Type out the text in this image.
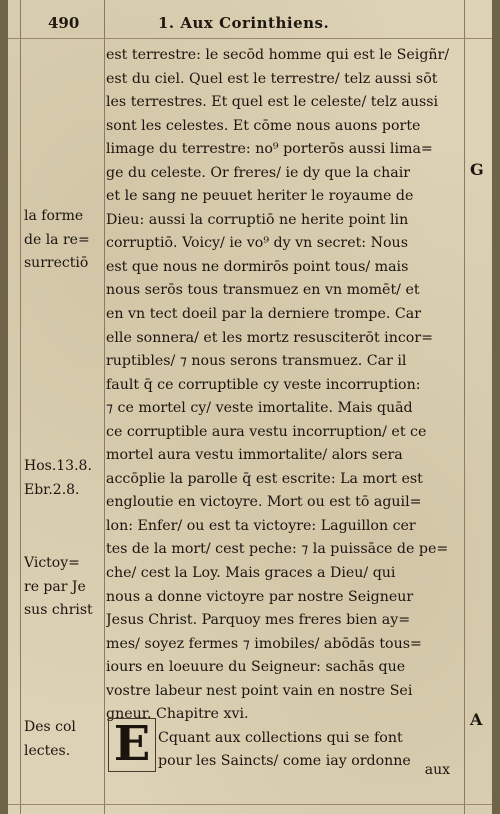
490	1. Aux Corinthiens.
est terrestre: le secōd homme qui est le Seigñr/
est du ciel. Quel est le terrestre/ telz aussi sōt
les terrestres. Et quel est le celeste/ telz aussi
sont les celestes. Et cōme nous auons porte
limage du terrestre: no⁹ porterōs aussi lima=
ge du celeste. Or freres/ ie dy que la chair
et le sang ne peuuet heriter le royaume de
Dieu: aussi la corruptiō ne herite point lin
corruptiō. Voicy/ ie vo⁹ dy vn secret: Nous
est que nous ne dormirōs point tous/ mais
nous serōs tous transmuez en vn momēt/ et
en vn tect doeil par la derniere trompe. Car
elle sonnera/ et les mortz resusciterōt incor=
ruptibles/ ⁊ nous serons transmuez. Car il
fault q̄ ce corruptible cy veste incorruption:
⁊ ce mortel cy/ veste imortalite. Mais quād
ce corruptible aura vestu incorruption/ et ce
mortel aura vestu immortalite/ alors sera
accōplie la parolle q̄ est escrite: La mort est
engloutie en victoyre. Mort ou est tō aguil=
lon: Enfer/ ou est ta victoyre: Laguillon cer
tes de la mort/ cest peche: ⁊ la puissāce de pe=
che/ cest la Loy. Mais graces a Dieu/ qui
nous a donne victoyre par nostre Seigneur
Jesus Christ. Parquoy mes freres bien ay=
mes/ soyez fermes ⁊ imobiles/ abōdās tous=
iours en loeuure du Seigneur: sachās que
vostre labeur nest point vain en nostre Sei
gneur. Chapitre xvi.
Cquant aux collections qui se font
pour les Saincts/ come iay ordonne
E	aux
G
A
la forme
de la re=
surrectiō
Hos.13.8.
Ebr.2.8.
Victoy=
re par Je
sus christ
Des col
lectes.
